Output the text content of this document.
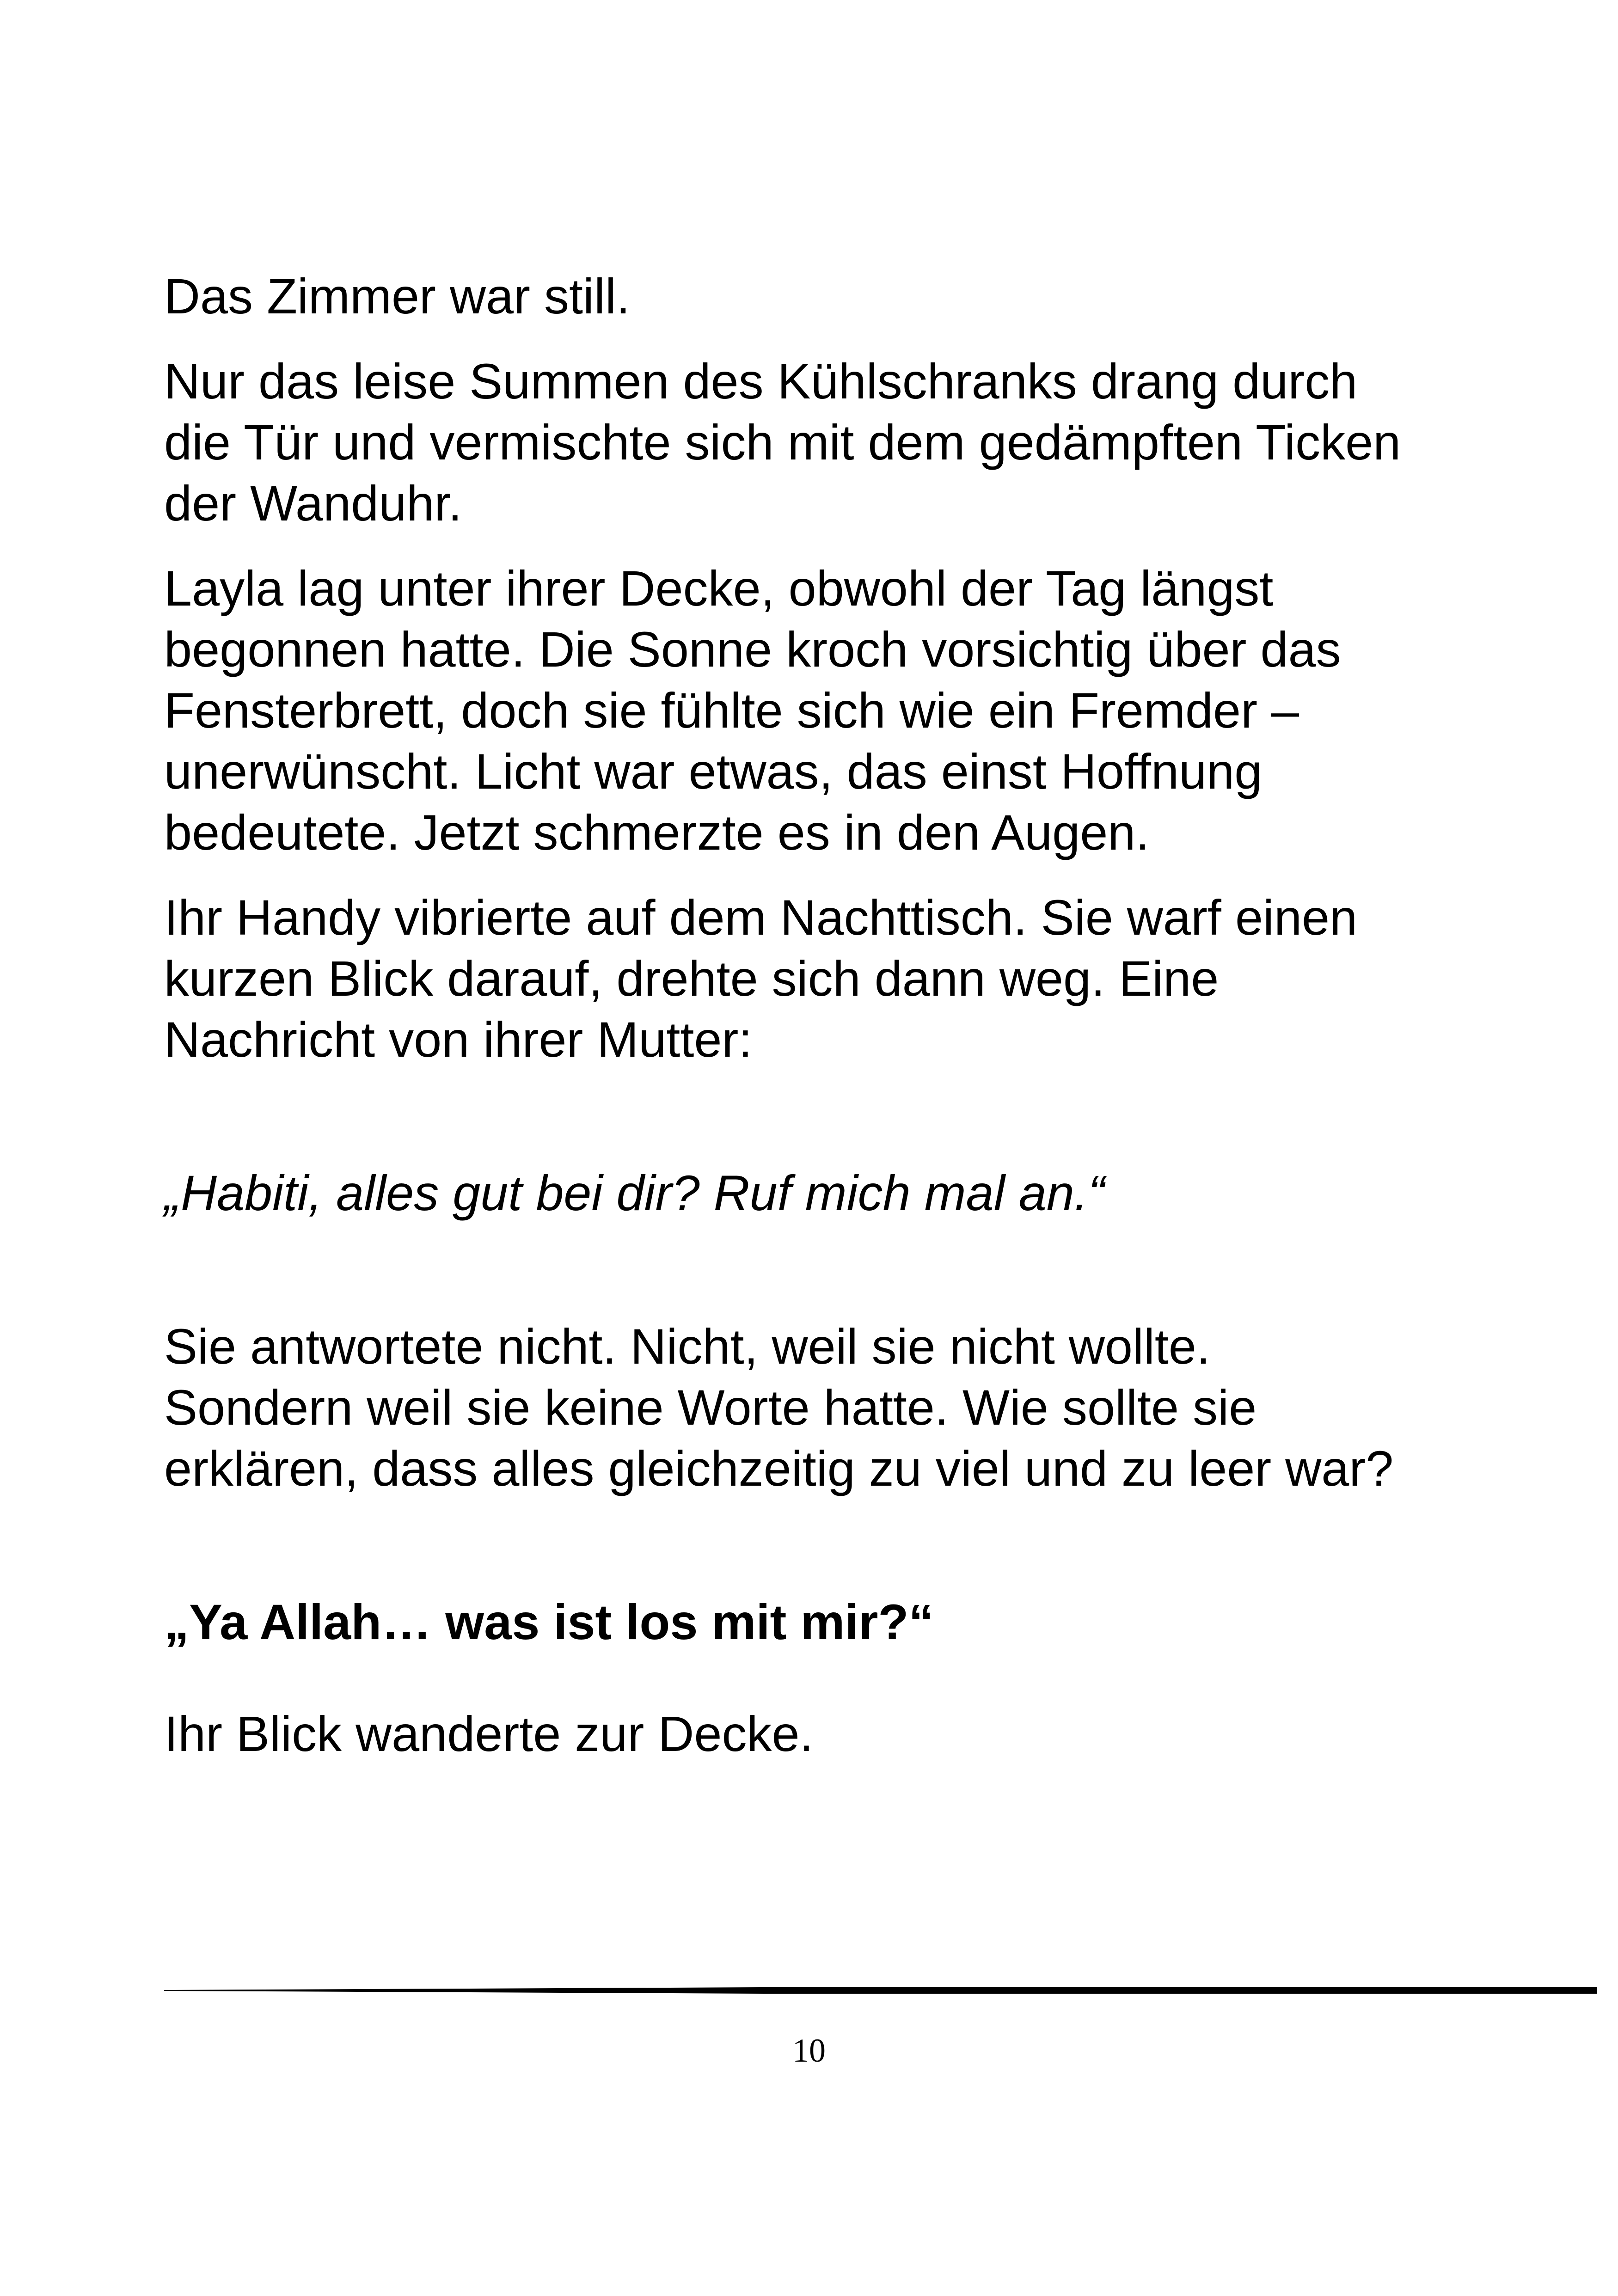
Das Zimmer war still.

Nur das leise Summen des Kühlschranks drang durch die Tür und vermischte sich mit dem gedämpften Ticken der Wanduhr.

Layla lag unter ihrer Decke, obwohl der Tag längst begonnen hatte. Die Sonne kroch vorsichtig über das Fensterbrett, doch sie fühlte sich wie ein Fremder – unerwünscht. Licht war etwas, das einst Hoffnung bedeutete. Jetzt schmerzte es in den Augen.

Ihr Handy vibrierte auf dem Nachttisch. Sie warf einen kurzen Blick darauf, drehte sich dann weg. Eine Nachricht von ihrer Mutter:

„Habiti, alles gut bei dir? Ruf mich mal an.“

Sie antwortete nicht. Nicht, weil sie nicht wollte. Sondern weil sie keine Worte hatte. Wie sollte sie erklären, dass alles gleichzeitig zu viel und zu leer war?

„Ya Allah… was ist los mit mir?“

Ihr Blick wanderte zur Decke.

10
